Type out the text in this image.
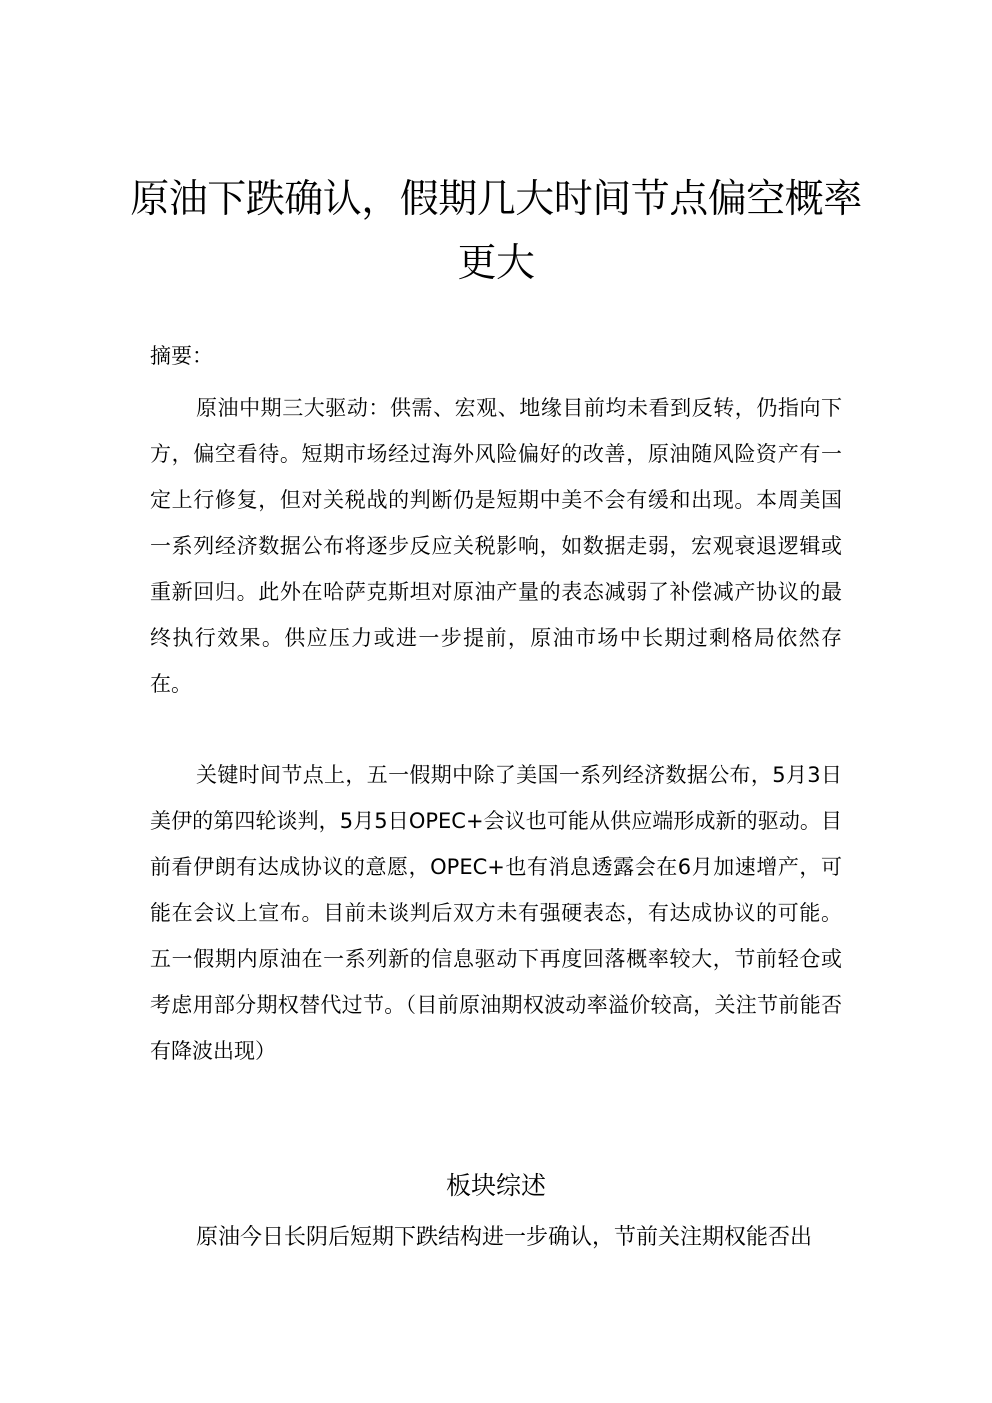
原油下跌确认，假期几大时间节点偏空概率更大

摘要：

原油中期三大驱动：供需、宏观、地缘目前均未看到反转，仍指向下方，偏空看待。短期市场经过海外风险偏好的改善，原油随风险资产有一定上行修复，但对关税战的判断仍是短期中美不会有缓和出现。本周美国一系列经济数据公布将逐步反应关税影响，如数据走弱，宏观衰退逻辑或重新回归。此外在哈萨克斯坦对原油产量的表态减弱了补偿减产协议的最终执行效果。供应压力或进一步提前，原油市场中长期过剩格局依然存在。

关键时间节点上，五一假期中除了美国一系列经济数据公布，5月3日美伊的第四轮谈判，5月5日OPEC+会议也可能从供应端形成新的驱动。目前看伊朗有达成协议的意愿，OPEC+也有消息透露会在6月加速增产，可能在会议上宣布。目前未谈判后双方未有强硬表态，有达成协议的可能。五一假期内原油在一系列新的信息驱动下再度回落概率较大，节前轻仓或考虑用部分期权替代过节。（目前原油期权波动率溢价较高，关注节前能否有降波出现）

板块综述

原油今日长阴后短期下跌结构进一步确认，节前关注期权能否出
